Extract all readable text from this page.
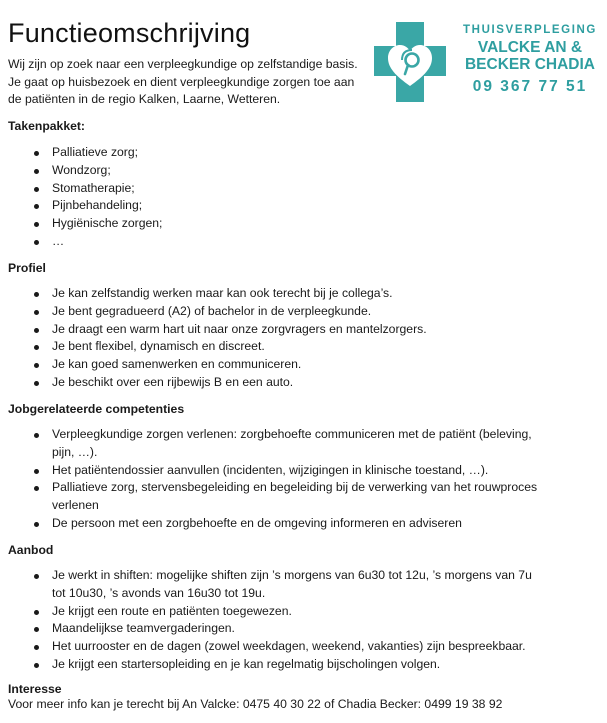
Functieomschrijving
Wij zijn op zoek naar een verpleegkundige op zelfstandige basis.
Je gaat op huisbezoek en dient verpleegkundige zorgen toe aan
de patiënten in de regio Kalken, Laarne, Wetteren.
THUISVERPLEGING
VALCKE AN &
BECKER CHADIA
09 367 77 51
Takenpakket:
Palliatieve zorg;
Wondzorg;
Stomatherapie;
Pijnbehandeling;
Hygiënische zorgen;
…
Profiel
Je kan zelfstandig werken maar kan ook terecht bij je collega’s.
Je bent gegradueerd (A2) of bachelor in de verpleegkunde.
Je draagt een warm hart uit naar onze zorgvragers en mantelzorgers.
Je bent flexibel, dynamisch en discreet.
Je kan goed samenwerken en communiceren.
Je beschikt over een rijbewijs B en een auto.
Jobgerelateerde competenties
Verpleegkundige zorgen verlenen: zorgbehoefte communiceren met de patiënt (beleving, pijn, …).
Het patiëntendossier aanvullen (incidenten, wijzigingen in klinische toestand, …).
Palliatieve zorg, stervensbegeleiding en begeleiding bij de verwerking van het rouwproces verlenen
De persoon met een zorgbehoefte en de omgeving informeren en adviseren
Aanbod
Je werkt in shiften: mogelijke shiften zijn ’s morgens van 6u30 tot 12u, ’s morgens van 7u tot 10u30, ’s avonds van 16u30 tot 19u.
Je krijgt een route en patiënten toegewezen.
Maandelijkse teamvergaderingen.
Het uurrooster en de dagen (zowel weekdagen, weekend, vakanties) zijn bespreekbaar.
Je krijgt een startersopleiding en je kan regelmatig bijscholingen volgen.
Interesse
Voor meer info kan je terecht bij An Valcke: 0475 40 30 22 of Chadia Becker: 0499 19 38 92
